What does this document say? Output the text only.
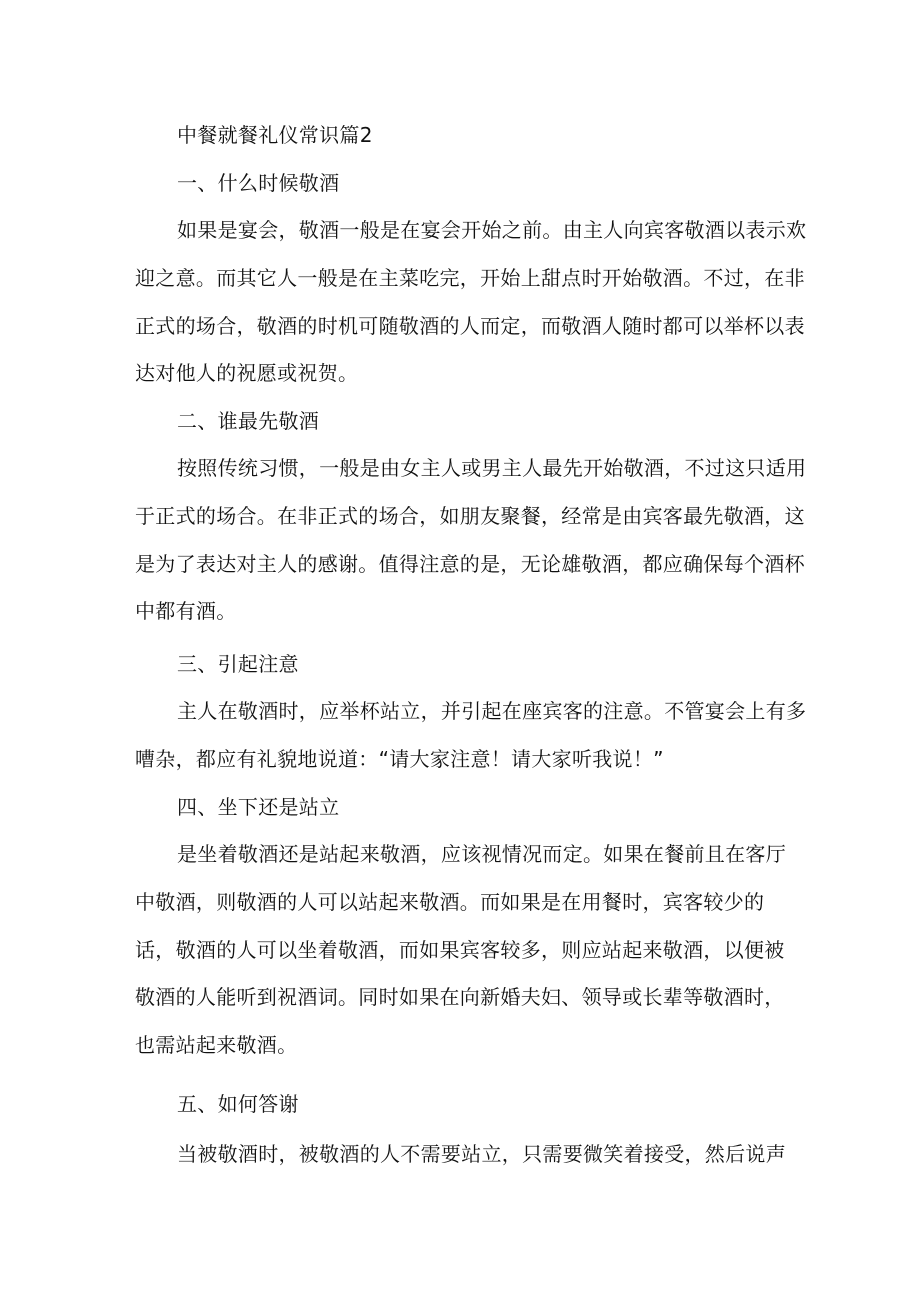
中餐就餐礼仪常识篇2

一、什么时候敬酒

如果是宴会，敬酒一般是在宴会开始之前。由主人向宾客敬酒以表示欢

迎之意。而其它人一般是在主菜吃完，开始上甜点时开始敬酒。不过，在非

正式的场合，敬酒的时机可随敬酒的人而定，而敬酒人随时都可以举杯以表

达对他人的祝愿或祝贺。

二、谁最先敬酒

按照传统习惯，一般是由女主人或男主人最先开始敬酒，不过这只适用

于正式的场合。在非正式的场合，如朋友聚餐，经常是由宾客最先敬酒，这

是为了表达对主人的感谢。值得注意的是，无论雄敬酒，都应确保每个酒杯

中都有酒。

三、引起注意

主人在敬酒时，应举杯站立，并引起在座宾客的注意。不管宴会上有多

嘈杂，都应有礼貌地说道：“请大家注意！请大家听我说！”

四、坐下还是站立

是坐着敬酒还是站起来敬酒，应该视情况而定。如果在餐前且在客厅

中敬酒，则敬酒的人可以站起来敬酒。而如果是在用餐时，宾客较少的

话，敬酒的人可以坐着敬酒，而如果宾客较多，则应站起来敬酒，以便被

敬酒的人能听到祝酒词。同时如果在向新婚夫妇、领导或长辈等敬酒时，

也需站起来敬酒。

五、如何答谢

当被敬酒时，被敬酒的人不需要站立，只需要微笑着接受，然后说声
